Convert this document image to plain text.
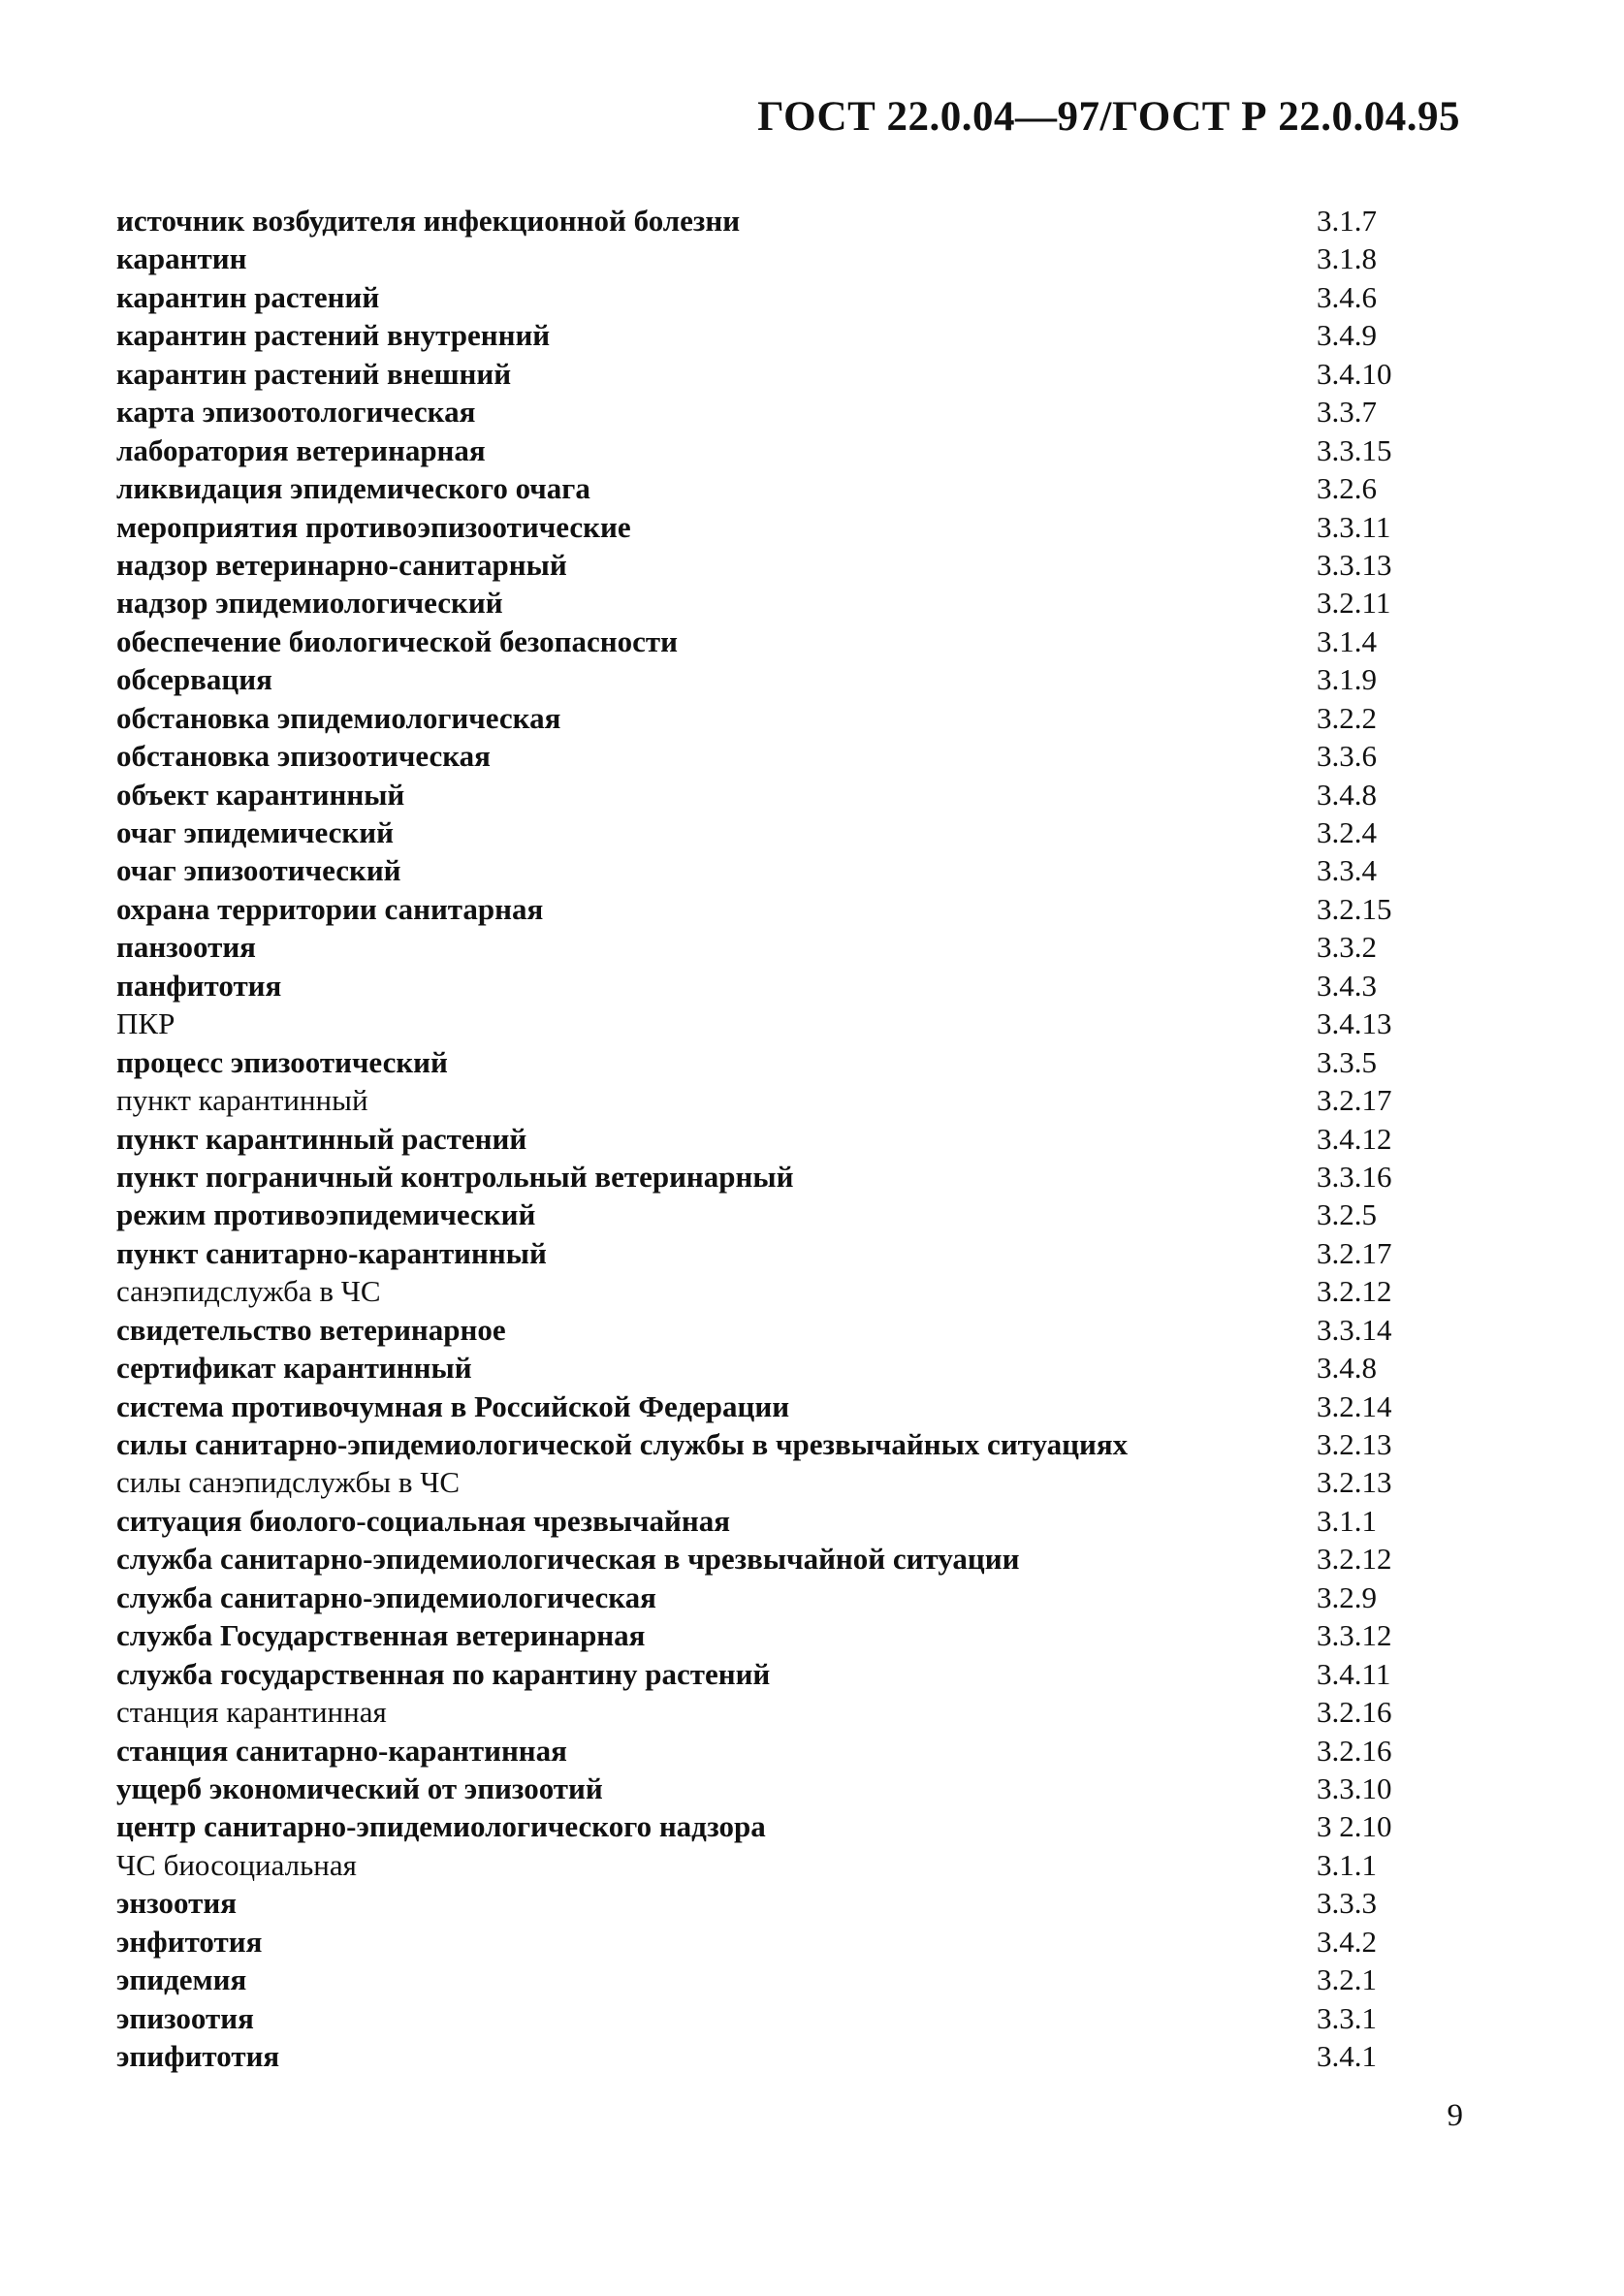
ГОСТ 22.0.04—97/ГОСТ Р 22.0.04.95
источник возбудителя инфекционной болезни	3.1.7
карантин	3.1.8
карантин растений	3.4.6
карантин растений внутренний	3.4.9
карантин растений внешний	3.4.10
карта эпизоотологическая	3.3.7
лаборатория ветеринарная	3.3.15
ликвидация эпидемического очага	3.2.6
мероприятия противоэпизоотические	3.3.11
надзор ветеринарно-санитарный	3.3.13
надзор эпидемиологический	3.2.11
обеспечение биологической безопасности	3.1.4
обсервация	3.1.9
обстановка эпидемиологическая	3.2.2
обстановка эпизоотическая	3.3.6
объект карантинный	3.4.8
очаг эпидемический	3.2.4
очаг эпизоотический	3.3.4
охрана территории санитарная	3.2.15
панзоотия	3.3.2
панфитотия	3.4.3
ПКР	3.4.13
процесс эпизоотический	3.3.5
пункт карантинный	3.2.17
пункт карантинный растений	3.4.12
пункт пограничный контрольный ветеринарный	3.3.16
режим противоэпидемический	3.2.5
пункт санитарно-карантинный	3.2.17
санэпидслужба в ЧС	3.2.12
свидетельство ветеринарное	3.3.14
сертификат карантинный	3.4.8
система противочумная в Российской Федерации	3.2.14
силы санитарно-эпидемиологической службы в чрезвычайных ситуациях	3.2.13
силы санэпидслужбы в ЧС	3.2.13
ситуация биолого-социальная чрезвычайная	3.1.1
служба санитарно-эпидемиологическая в чрезвычайной ситуации	3.2.12
служба санитарно-эпидемиологическая	3.2.9
служба Государственная ветеринарная	3.3.12
служба государственная по карантину растений	3.4.11
станция карантинная	3.2.16
станция санитарно-карантинная	3.2.16
ущерб экономический от эпизоотий	3.3.10
центр санитарно-эпидемиологического надзора	3 2.10
ЧС биосоциальная	3.1.1
энзоотия	3.3.3
энфитотия	3.4.2
эпидемия	3.2.1
эпизоотия	3.3.1
эпифитотия	3.4.1
9
